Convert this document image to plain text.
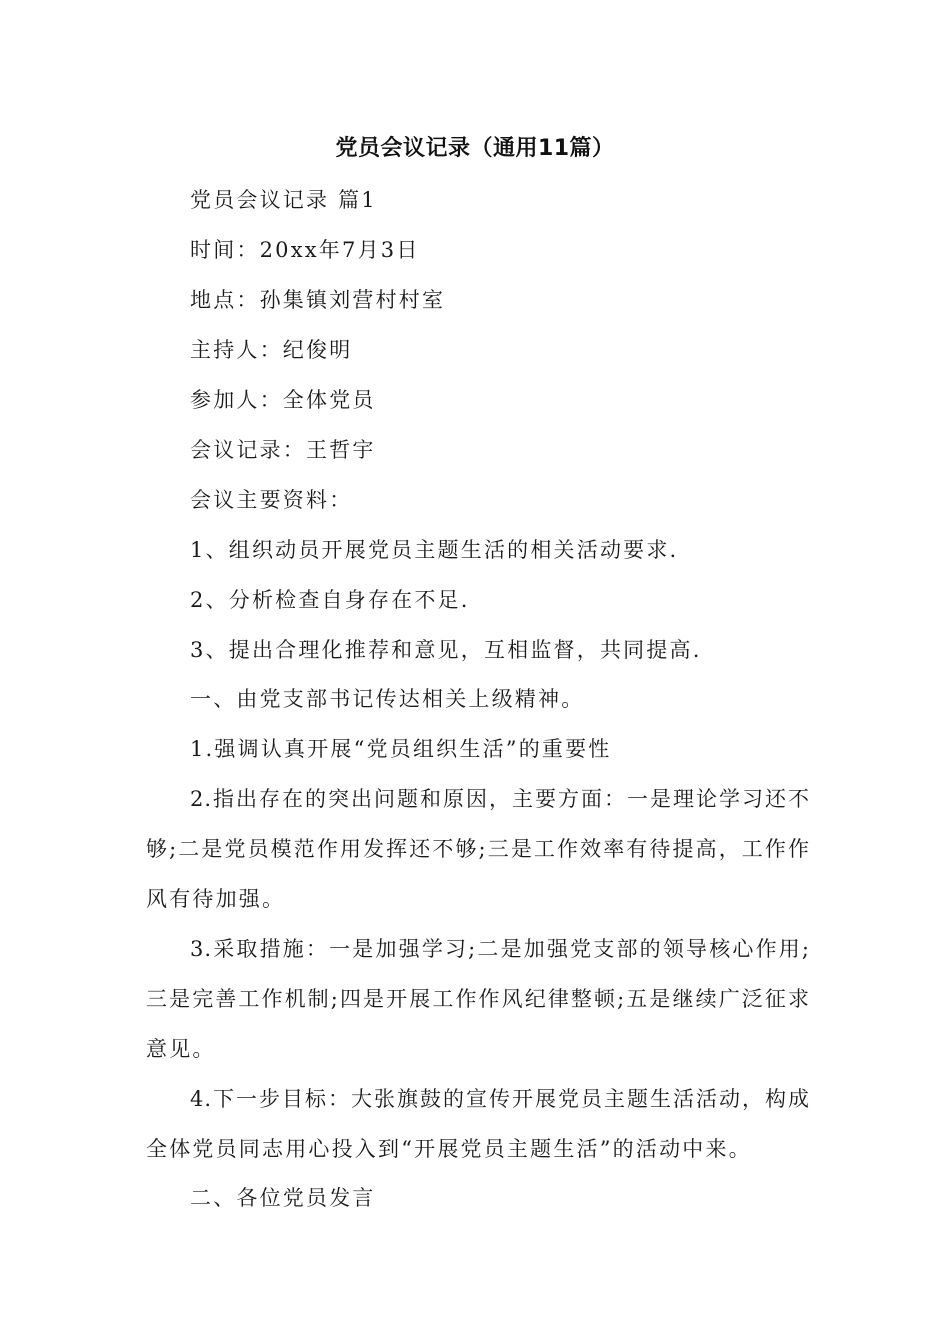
党员会议记录（通用11篇）
党员会议记录 篇1
时间：20xx年7月3日
地点：孙集镇刘营村村室
主持人：纪俊明
参加人：全体党员
会议记录：王哲宇
会议主要资料：
1、组织动员开展党员主题生活的相关活动要求.
2、分析检查自身存在不足.
3、提出合理化推荐和意见，互相监督，共同提高.
一、由党支部书记传达相关上级精神。
1.强调认真开展“党员组织生活”的重要性
2.指出存在的突出问题和原因，主要方面：一是理论学习还不
够;二是党员模范作用发挥还不够;三是工作效率有待提高，工作作
风有待加强。
3.采取措施：一是加强学习;二是加强党支部的领导核心作用;
三是完善工作机制;四是开展工作作风纪律整顿;五是继续广泛征求
意见。
4.下一步目标：大张旗鼓的宣传开展党员主题生活活动，构成
全体党员同志用心投入到“开展党员主题生活”的活动中来。
二、各位党员发言
